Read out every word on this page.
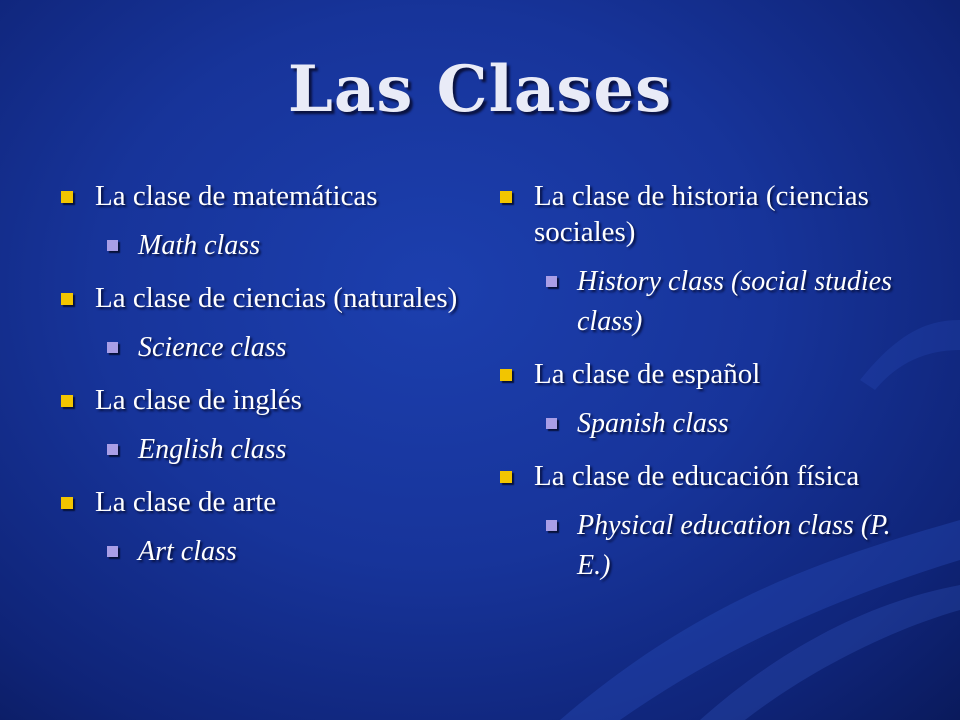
Las Clases
La clase de matemáticas
Math class
La clase de ciencias (naturales)
Science class
La clase de inglés
English class
La clase de arte
Art class
La clase de historia (ciencias sociales)
History class (social studies class)
La clase de español
Spanish class
La clase de educación física
Physical education class (P. E.)
